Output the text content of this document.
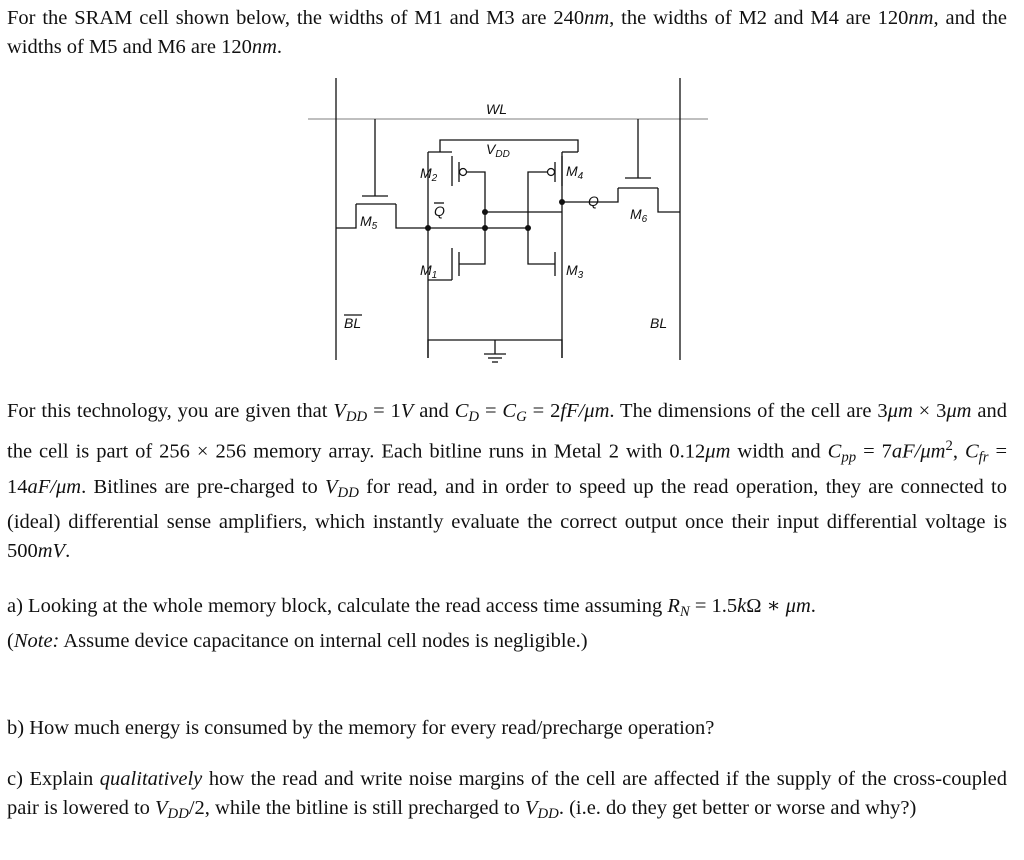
For the SRAM cell shown below, the widths of M1 and M3 are 240nm, the widths of M2 and M4 are 120nm, and the widths of M5 and M6 are 120nm.

WL
$V_{DD}$
$M_2$	$M_4$
$M_5$
$M_6$
$M_1$	$M_3$
Q
Q
BL	BL

For this technology, you are given that $V_{DD} = 1V$ and $C_D = C_G = 2fF/\mu m$. The dimensions of the cell are 3μm × 3μm and the cell is part of 256 × 256 memory array. Each bitline runs in Metal 2 with 0.12μm width and $C_{pp} = 7aF/\mu m^2$, $C_{fr} = 14aF/\mu m$. Bitlines are pre-charged to $V_{DD}$ for read, and in order to speed up the read operation, they are connected to (ideal) differential sense amplifiers, which instantly evaluate the correct output once their input differential voltage is 500mV.

a) Looking at the whole memory block, calculate the read access time assuming $R_N = 1.5k\Omega$ ∗ μm.
(Note: Assume device capacitance on internal cell nodes is negligible.)

b) How much energy is consumed by the memory for every read/precharge operation?

c) Explain qualitatively how the read and write noise margins of the cell are affected if the supply of the cross-coupled pair is lowered to $V_{DD}/2$, while the bitline is still precharged to $V_{DD}$. (i.e. do they get better or worse and why?)
